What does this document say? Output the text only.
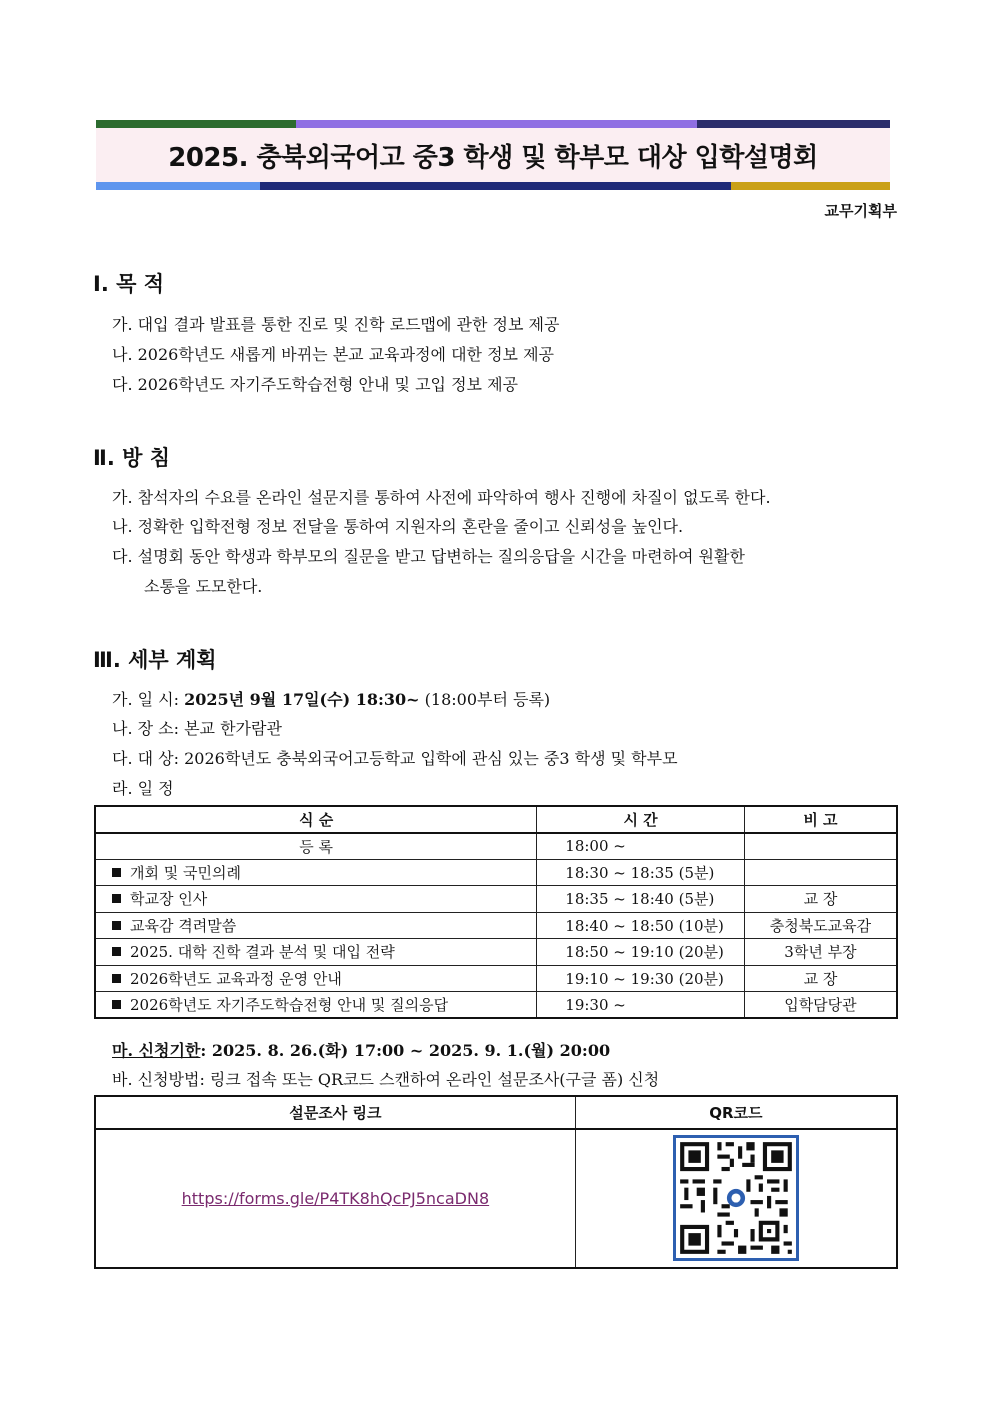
2025. 충북외국어고 중3 학생 및 학부모 대상 입학설명회
교무기획부
Ⅰ. 목 적
가. 대입 결과 발표를 통한 진로 및 진학 로드맵에 관한 정보 제공
나. 2026학년도 새롭게 바뀌는 본교 교육과정에 대한 정보 제공
다. 2026학년도 자기주도학습전형 안내 및 고입 정보 제공
Ⅱ. 방 침
가. 참석자의 수요를 온라인 설문지를 통하여 사전에 파악하여 행사 진행에 차질이 없도록 한다.
나. 정확한 입학전형 정보 전달을 통하여 지원자의 혼란을 줄이고 신뢰성을 높인다.
다. 설명회 동안 학생과 학부모의 질문을 받고 답변하는 질의응답을 시간을 마련하여 원활한
소통을 도모한다.
Ⅲ. 세부 계획
가. 일 시: 2025년 9월 17일(수) 18:30~ (18:00부터 등록)
나. 장 소: 본교 한가람관
다. 대 상: 2026학년도 충북외국어고등학교 입학에 관심 있는 중3 학생 및 학부모
라. 일 정
식 순	시 간	비 고
등 록	18:00 ~	
개회 및 국민의례	18:30 ~ 18:35 (5분)	
학교장 인사	18:35 ~ 18:40 (5분)	교 장
교육감 격려말씀	18:40 ~ 18:50 (10분)	충청북도교육감
2025. 대학 진학 결과 분석 및 대입 전략	18:50 ~ 19:10 (20분)	3학년 부장
2026학년도 교육과정 운영 안내	19:10 ~ 19:30 (20분)	교 장
2026학년도 자기주도학습전형 안내 및 질의응답	19:30 ~	입학담당관
마. 신청기한: 2025. 8. 26.(화) 17:00 ~ 2025. 9. 1.(월) 20:00
바. 신청방법: 링크 접속 또는 QR코드 스캔하여 온라인 설문조사(구글 폼) 신청
설문조사 링크	QR코드
https://forms.gle/P4TK8hQcPJ5ncaDN8	
